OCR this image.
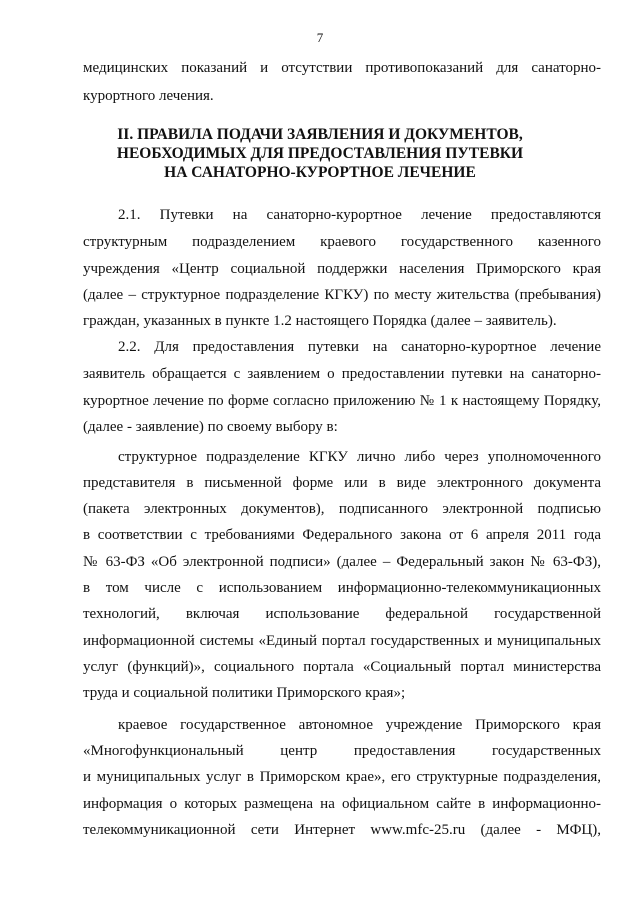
7
медицинских показаний и отсутствии противопоказаний для санаторно-
курортного лечения.
II. ПРАВИЛА ПОДАЧИ ЗАЯВЛЕНИЯ И ДОКУМЕНТОВ,
НЕОБХОДИМЫХ ДЛЯ ПРЕДОСТАВЛЕНИЯ ПУТЕВКИ
НА САНАТОРНО-КУРОРТНОЕ ЛЕЧЕНИЕ
2.1. Путевки на санаторно-курортное лечение предоставляются
структурным подразделением краевого государственного казенного
учреждения «Центр социальной поддержки населения Приморского края
(далее – структурное подразделение КГКУ) по месту жительства (пребывания)
граждан, указанных в пункте 1.2 настоящего Порядка (далее – заявитель).
2.2. Для предоставления путевки на санаторно-курортное лечение
заявитель обращается с заявлением о предоставлении путевки на санаторно-
курортное лечение по форме согласно приложению № 1 к настоящему Порядку,
(далее - заявление) по своему выбору в:
структурное подразделение КГКУ лично либо через уполномоченного
представителя в письменной форме или в виде электронного документа
(пакета электронных документов), подписанного электронной подписью
в соответствии с требованиями Федерального закона от 6 апреля 2011 года
№ 63-ФЗ «Об электронной подписи» (далее – Федеральный закон № 63-ФЗ),
в том числе с использованием информационно-телекоммуникационных
технологий, включая использование федеральной государственной
информационной системы «Единый портал государственных и муниципальных
услуг (функций)», социального портала «Социальный портал министерства
труда и социальной политики Приморского края»;
краевое государственное автономное учреждение Приморского края
«Многофункциональный центр предоставления государственных
и муниципальных услуг в Приморском крае», его структурные подразделения,
информация о которых размещена на официальном сайте в информационно-
телекоммуникационной сети Интернет www.mfc-25.ru (далее - МФЦ),
